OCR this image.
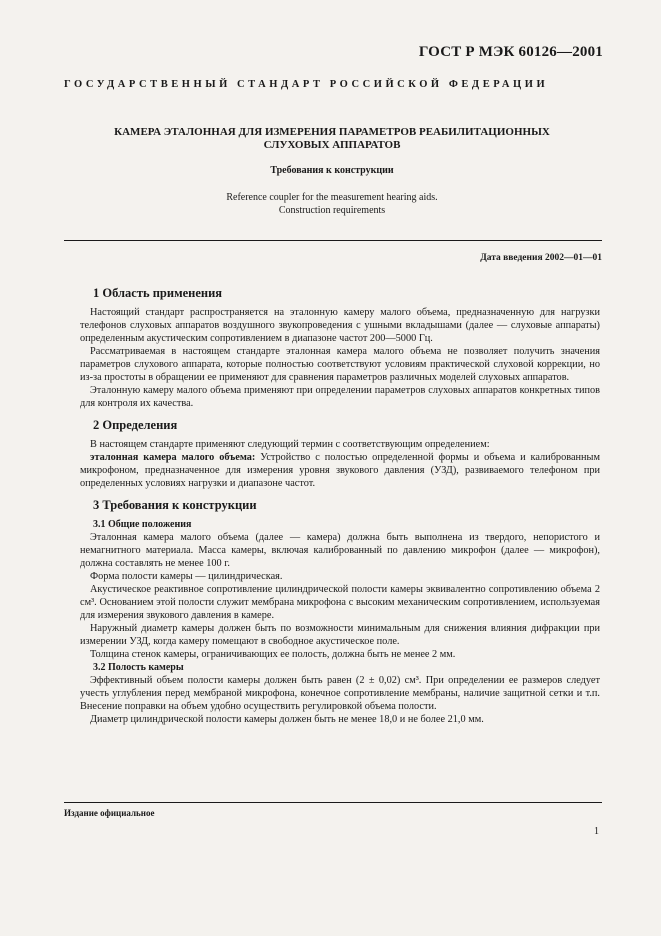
ГОСТ Р МЭК 60126—2001
ГОСУДАРСТВЕННЫЙ СТАНДАРТ РОССИЙСКОЙ ФЕДЕРАЦИИ
КАМЕРА ЭТАЛОННАЯ ДЛЯ ИЗМЕРЕНИЯ ПАРАМЕТРОВ РЕАБИЛИТАЦИОННЫХ
СЛУХОВЫХ АППАРАТОВ
Требования к конструкции
Reference coupler for the measurement hearing aids.
Construction requirements
Дата введения 2002—01—01
1 Область применения

Настоящий стандарт распространяется на эталонную камеру малого объема, предназначенную для нагрузки телефонов слуховых аппаратов воздушного звукопроведения с ушными вкладышами (далее — слуховые аппараты) определенным акустическим сопротивлением в диапазоне частот 200—5000 Гц.

Рассматриваемая в настоящем стандарте эталонная камера малого объема не позволяет получить значения параметров слухового аппарата, которые полностью соответствуют условиям практической слуховой коррекции, но из-за простоты в обращении ее применяют для сравнения параметров различных моделей слуховых аппаратов.

Эталонную камеру малого объема применяют при определении параметров слуховых аппаратов конкретных типов для контроля их качества.

2 Определения

В настоящем стандарте применяют следующий термин с соответствующим определением:

эталонная камера малого объема: Устройство с полостью определенной формы и объема и калиброванным микрофоном, предназначенное для измерения уровня звукового давления (УЗД), развиваемого телефоном при определенных условиях нагрузки и диапазоне частот.

3 Требования к конструкции
3.1 Общие положения

Эталонная камера малого объема (далее — камера) должна быть выполнена из твердого, непористого и немагнитного материала. Масса камеры, включая калиброванный по давлению микрофон (далее — микрофон), должна составлять не менее 100 г.

Форма полости камеры — цилиндрическая.

Акустическое реактивное сопротивление цилиндрической полости камеры эквивалентно сопротивлению объема 2 см³. Основанием этой полости служит мембрана микрофона с высоким механическим сопротивлением, используемая для измерения звукового давления в камере.

Наружный диаметр камеры должен быть по возможности минимальным для снижения влияния дифракции при измерении УЗД, когда камеру помещают в свободное акустическое поле.

Толщина стенок камеры, ограничивающих ее полость, должна быть не менее 2 мм.

3.2 Полость камеры

Эффективный объем полости камеры должен быть равен (2 ± 0,02) см³. При определении ее размеров следует учесть углубления перед мембраной микрофона, конечное сопротивление мембраны, наличие защитной сетки и т.п. Внесение поправки на объем удобно осуществить регулировкой объема полости.

Диаметр цилиндрической полости камеры должен быть не менее 18,0 и не более 21,0 мм.

Издание официальное
1
